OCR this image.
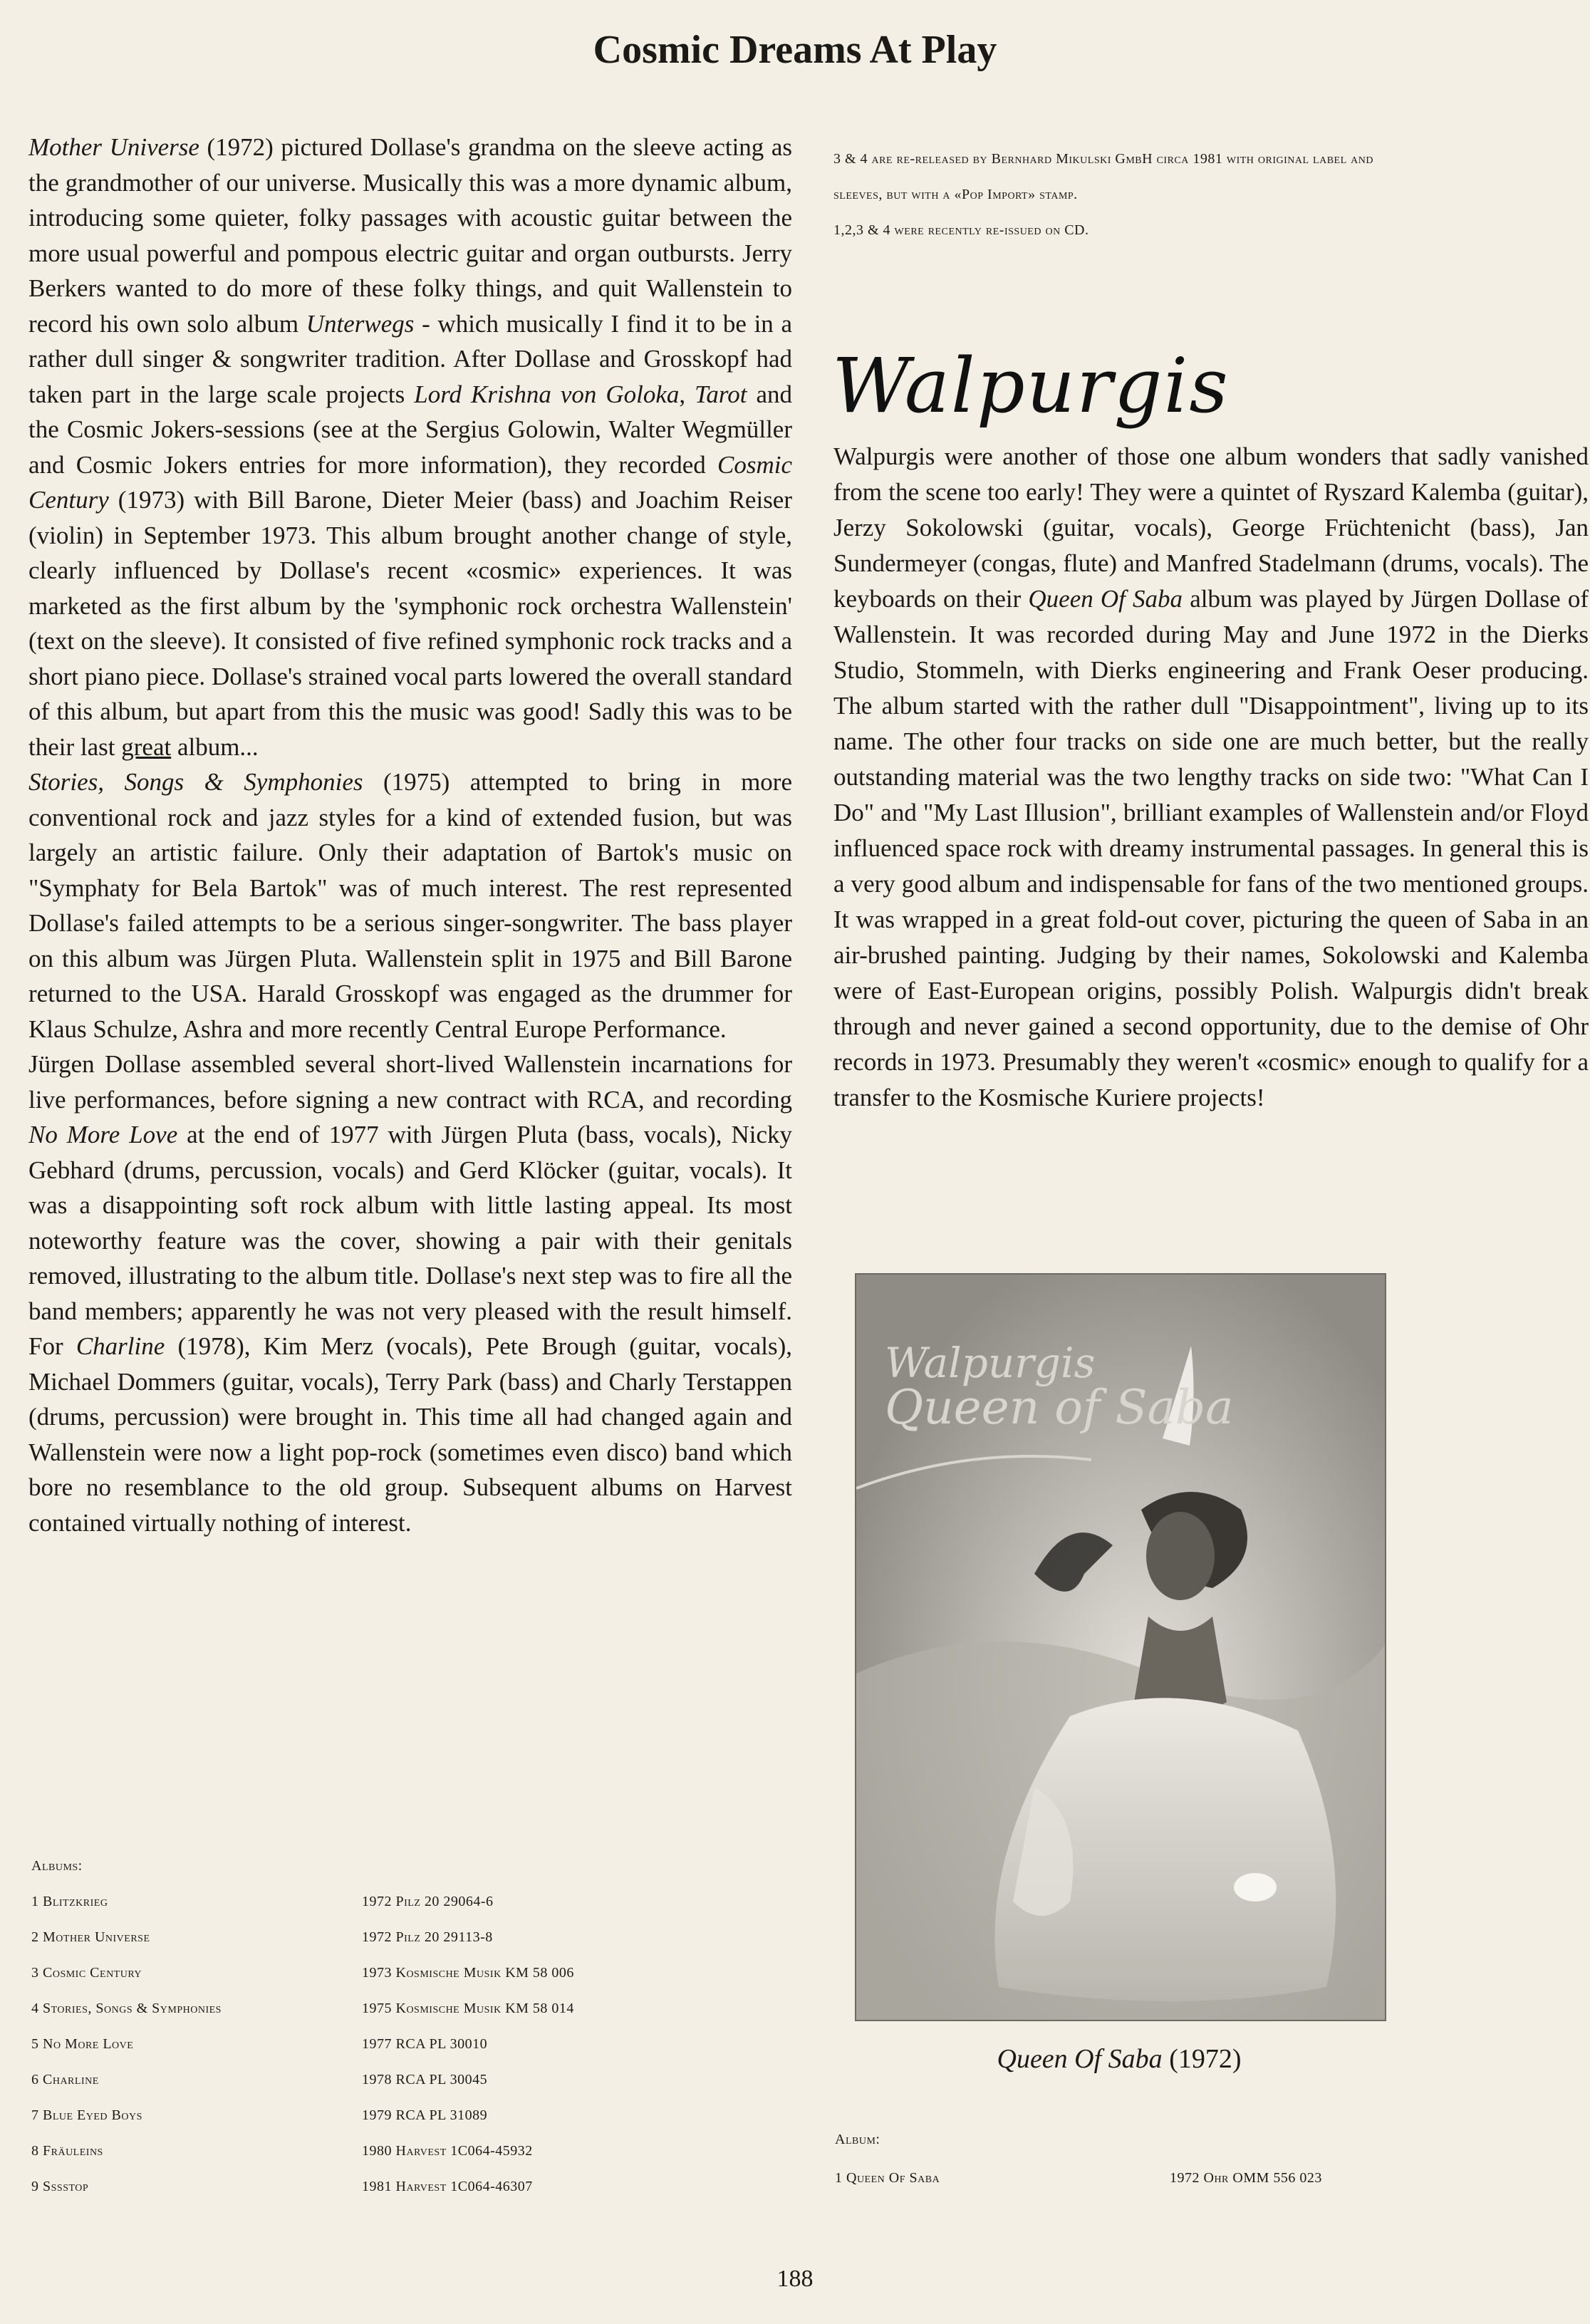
Cosmic Dreams At Play

Mother Universe (1972) pictured Dollase's grandma on the sleeve acting as the grandmother of our universe. Musically this was a more dynamic album, introducing some quieter, folky passages with acoustic guitar between the more usual powerful and pompous electric guitar and organ outbursts. Jerry Berkers wanted to do more of these folky things, and quit Wallenstein to record his own solo album Unterwegs - which musically I find it to be in a rather dull singer & songwriter tradition. After Dollase and Grosskopf had taken part in the large scale projects Lord Krishna von Goloka, Tarot and the Cosmic Jokers-sessions (see at the Sergius Golowin, Walter Wegmüller and Cosmic Jokers entries for more information), they recorded Cosmic Century (1973) with Bill Barone, Dieter Meier (bass) and Joachim Reiser (violin) in September 1973. This album brought another change of style, clearly influenced by Dollase's recent «cosmic» experiences. It was marketed as the first album by the 'symphonic rock orchestra Wallenstein' (text on the sleeve). It consisted of five refined symphonic rock tracks and a short piano piece. Dollase's strained vocal parts lowered the overall standard of this album, but apart from this the music was good! Sadly this was to be their last great album...

Stories, Songs & Symphonies (1975) attempted to bring in more conventional rock and jazz styles for a kind of extended fusion, but was largely an artistic failure. Only their adaptation of Bartok's music on "Symphaty for Bela Bartok" was of much interest. The rest represented Dollase's failed attempts to be a serious singer-songwriter. The bass player on this album was Jürgen Pluta. Wallenstein split in 1975 and Bill Barone returned to the USA. Harald Grosskopf was engaged as the drummer for Klaus Schulze, Ashra and more recently Central Europe Performance.

Jürgen Dollase assembled several short-lived Wallenstein incarnations for live performances, before signing a new contract with RCA, and recording No More Love at the end of 1977 with Jürgen Pluta (bass, vocals), Nicky Gebhard (drums, percussion, vocals) and Gerd Klöcker (guitar, vocals). It was a disappointing soft rock album with little lasting appeal. Its most noteworthy feature was the cover, showing a pair with their genitals removed, illustrating to the album title. Dollase's next step was to fire all the band members; apparently he was not very pleased with the result himself. For Charline (1978), Kim Merz (vocals), Pete Brough (guitar, vocals), Michael Dommers (guitar, vocals), Terry Park (bass) and Charly Terstappen (drums, percussion) were brought in. This time all had changed again and Wallenstein were now a light pop-rock (sometimes even disco) band which bore no resemblance to the old group. Subsequent albums on Harvest contained virtually nothing of interest.

Albums:
1 Blitzkrieg	1972 Pilz 20 29064-6
2 Mother Universe	1972 Pilz 20 29113-8
3 Cosmic Century	1973 Kosmische Musik KM 58 006
4 Stories, Songs & Symphonies	1975 Kosmische Musik KM 58 014
5 No More Love	1977 RCA PL 30010
6 Charline	1978 RCA PL 30045
7 Blue Eyed Boys	1979 RCA PL 31089
8 Fräuleins	1980 Harvest 1C064-45932
9 Sssstop	1981 Harvest 1C064-46307

3 & 4 are re-released by Bernhard Mikulski GmbH circa 1981 with original label and

sleeves, but with a «Pop Import» stamp.

1,2,3 & 4 were recently re-issued on CD.

Walpurgis

Walpurgis were another of those one album wonders that sadly vanished from the scene too early! They were a quintet of Ryszard Kalemba (guitar), Jerzy Sokolowski (guitar, vocals), George Früchtenicht (bass), Jan Sundermeyer (congas, flute) and Manfred Stadelmann (drums, vocals). The keyboards on their Queen Of Saba album was played by Jürgen Dollase of Wallenstein. It was recorded during May and June 1972 in the Dierks Studio, Stommeln, with Dierks engineering and Frank Oeser producing. The album started with the rather dull "Disappointment", living up to its name. The other four tracks on side one are much better, but the really outstanding material was the two lengthy tracks on side two: "What Can I Do" and "My Last Illusion", brilliant examples of Wallenstein and/or Floyd influenced space rock with dreamy instrumental passages. In general this is a very good album and indispensable for fans of the two mentioned groups. It was wrapped in a great fold-out cover, picturing the queen of Saba in an air-brushed painting. Judging by their names, Sokolowski and Kalemba were of East-European origins, possibly Polish. Walpurgis didn't break through and never gained a second opportunity, due to the demise of Ohr records in 1973. Presumably they weren't «cosmic» enough to qualify for a transfer to the Kosmische Kuriere projects!

Walpurgis
Queen of Saba
Queen Of Saba (1972)
Album:
1 Queen Of Saba	1972 Ohr OMM 556 023
188
